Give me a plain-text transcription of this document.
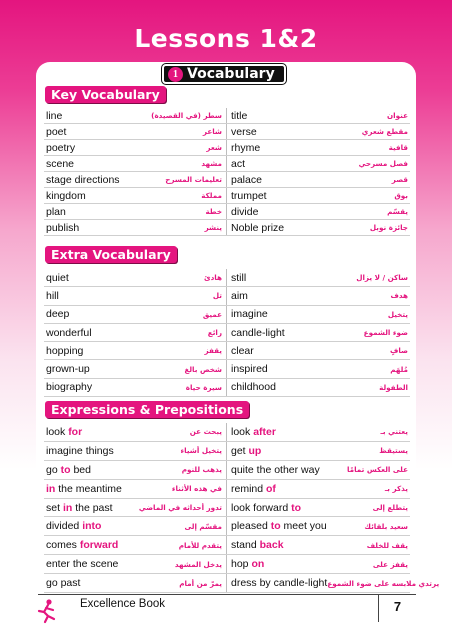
Lessons 1&2
1 Vocabulary
Key Vocabulary
line	سطر (في القصيدة) title	عنوان
poet	شاعر verse	مقطع شعري
poetry	شعر rhyme	قافية
scene	مشهد act	فصل مسرحي
stage directions	تعليمات المسرح palace	قصر
kingdom	مملكة trumpet	بوق
plan	خطة divide	يقسّم
publish	ينشر Noble prize	جائزة نوبل
Extra Vocabulary
quiet	هادئ still	ساكن / لا يزال
hill	تل aim	هدف
deep	عميق imagine	يتخيل
wonderful	رائع candle-light	ضوء الشموع
hopping	يقفز clear	صافٍ
grown-up	شخص بالغ inspired	مُلهَم
biography	سيرة حياة childhood	الطفولة
Expressions & Prepositions
look for	يبحث عن look after	يعتني بـ
imagine things	يتخيل أشياء get up	يستيقظ
go to bed	يذهب للنوم quite the other way	على العكس تمامًا
in the meantime	في هذه الأثناء remind of	يذكر بـ
set in the past	تدور أحداثه في الماضي look forward to	يتطلع إلى
divided into	مقسّم إلى pleased to meet you	سعيد بلقائك
comes forward	يتقدم للأمام stand back	يقف للخلف
enter the scene	يدخل المشهد hop on	يقفز على
go past	يمرّ من أمام dress by candle-light يرتدي ملابسه على ضوء الشموع
Excellence Book	7
